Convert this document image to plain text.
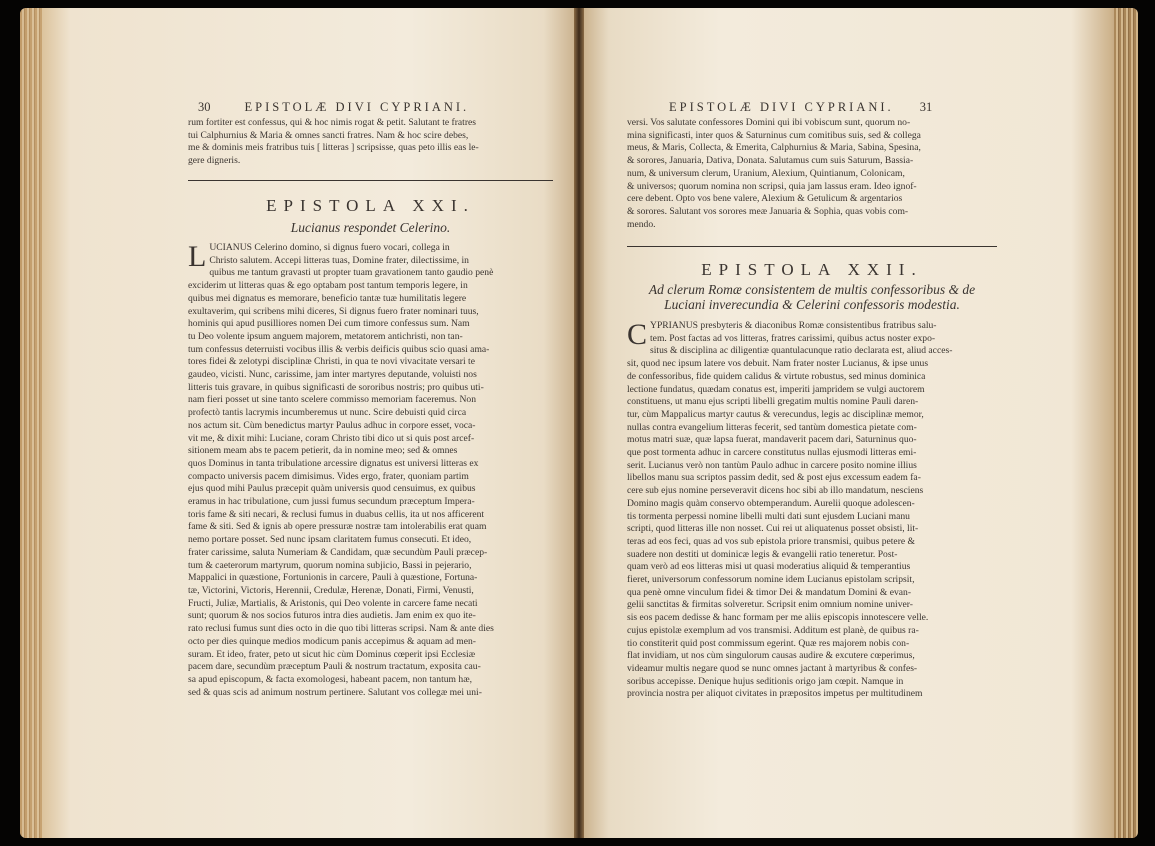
30	EPISTOLÆ DIVI CYPRIANI.
rum fortiter est confessus, qui & hoc nimis rogat & petit. Salutant te fratres
tui Calphurnius & Maria & omnes sancti fratres. Nam & hoc scire debes,
me & dominis meis fratribus tuis [ litteras ] scripsisse, quas peto illis eas le-
gere digneris.
EPISTOLA XXI.
Lucianus respondet Celerino.
LUCIANUS Celerino domino, si dignus fuero vocari, collega in
Christo salutem. Accepi litteras tuas, Domine frater, dilectissime, in
quibus me tantum gravasti ut propter tuam gravationem tanto gaudio penè
exciderim ut litteras quas & ego optabam post tantum temporis legere, in
quibus mei dignatus es memorare, beneficio tantæ tuæ humilitatis legere
exultaverim, qui scribens mihi diceres, Si dignus fuero frater nominari tuus,
hominis qui apud pusilliores nomen Dei cum timore confessus sum. Nam
tu Deo volente ipsum anguem majorem, metatorem antichristi, non tan-
tum confessus deterruisti vocibus illis & verbis deificis quibus scio quasi ama-
tores fidei & zelotypi disciplinæ Christi, in qua te novi vivacitate versari te
gaudeo, vicisti. Nunc, carissime, jam inter martyres deputande, voluisti nos
litteris tuis gravare, in quibus significasti de sororibus nostris; pro quibus uti-
nam fieri posset ut sine tanto scelere commisso memoriam faceremus. Non
profectò tantis lacrymis incumberemus ut nunc. Scire debuisti quid circa
nos actum sit. Cùm benedictus martyr Paulus adhuc in corpore esset, voca-
vit me, & dixit mihi: Luciane, coram Christo tibi dico ut si quis post arcef-
sitionem meam abs te pacem petierit, da in nomine meo; sed & omnes
quos Dominus in tanta tribulatione arcessire dignatus est universi litteras ex
compacto universis pacem dimisimus. Vides ergo, frater, quoniam partim
ejus quod mihi Paulus præcepit quàm universis quod censuimus, ex quibus
eramus in hac tribulatione, cum jussi fumus secundum præceptum Impera-
toris fame & siti necari, & reclusi fumus in duabus cellis, ita ut nos afficerent
fame & siti. Sed & ignis ab opere pressuræ nostræ tam intolerabilis erat quam
nemo portare posset. Sed nunc ipsam claritatem fumus consecuti. Et ideo,
frater carissime, saluta Numeriam & Candidam, quæ secundùm Pauli præcep-
tum & caeterorum martyrum, quorum nomina subjicio, Bassi in pejerario,
Mappalici in quæstione, Fortunionis in carcere, Pauli à quæstione, Fortuna-
tæ, Victorini, Victoris, Herennii, Credulæ, Herenæ, Donati, Firmi, Venusti,
Fructi, Juliæ, Martialis, & Aristonis, qui Deo volente in carcere fame necati
sunt; quorum & nos socios futuros intra dies audietis. Jam enim ex quo ite-
rato reclusi fumus sunt dies octo in die quo tibi litteras scripsi. Nam & ante dies
octo per dies quinque medios modicum panis accepimus & aquam ad men-
suram. Et ideo, frater, peto ut sicut hic cùm Dominus cœperit ipsi Ecclesiæ
pacem dare, secundùm præceptum Pauli & nostrum tractatum, exposita cau-
sa apud episcopum, & facta exomologesi, habeant pacem, non tantum hæ,
sed & quas scis ad animum nostrum pertinere. Salutant vos collegæ mei uni-
EPISTOLÆ DIVI CYPRIANI. 31
versi. Vos salutate confessores Domini qui ibi vobiscum sunt, quorum no-
mina significasti, inter quos & Saturninus cum comitibus suis, sed & collega
meus, & Maris, Collecta, & Emerita, Calphurnius & Maria, Sabina, Spesina,
& sorores, Januaria, Dativa, Donata. Salutamus cum suis Saturum, Bassia-
num, & universum clerum, Uranium, Alexium, Quintianum, Colonicam,
& universos; quorum nomina non scripsi, quia jam lassus eram. Ideo ignof-
cere debent. Opto vos bene valere, Alexium & Getulicum & argentarios
& sorores. Salutant vos sorores meæ Januaria & Sophia, quas vobis com-
mendo.
EPISTOLA XXII.
Ad clerum Romæ consistentem de multis confessoribus & de
Luciani inverecundia & Celerini confessoris modestia.
CYPRIANUS presbyteris & diaconibus Romæ consistentibus fratribus salu-
tem. Post factas ad vos litteras, fratres carissimi, quibus actus noster expo-
situs & disciplina ac diligentiæ quantulacunque ratio declarata est, aliud acces-
sit, quod nec ipsum latere vos debuit. Nam frater noster Lucianus, & ipse unus
de confessoribus, fide quidem calidus & virtute robustus, sed minus dominica
lectione fundatus, quædam conatus est, imperiti jampridem se vulgi auctorem
constituens, ut manu ejus scripti libelli gregatim multis nomine Pauli daren-
tur, cùm Mappalicus martyr cautus & verecundus, legis ac disciplinæ memor,
nullas contra evangelium litteras fecerit, sed tantùm domestica pietate com-
motus matri suæ, quæ lapsa fuerat, mandaverit pacem dari, Saturninus quo-
que post tormenta adhuc in carcere constitutus nullas ejusmodi litteras emi-
serit. Lucianus verò non tantùm Paulo adhuc in carcere posito nomine illius
libellos manu sua scriptos passim dedit, sed & post ejus excessum eadem fa-
cere sub ejus nomine perseveravit dicens hoc sibi ab illo mandatum, nesciens
Domino magis quàm conservo obtemperandum. Aurelii quoque adolescen-
tis tormenta perpessi nomine libelli multi dati sunt ejusdem Luciani manu
scripti, quod litteras ille non nosset. Cui rei ut aliquatenus posset obsisti, lit-
teras ad eos feci, quas ad vos sub epistola priore transmisi, quibus petere &
suadere non destiti ut dominicæ legis & evangelii ratio teneretur. Post-
quam verò ad eos litteras misi ut quasi moderatius aliquid & temperantius
fieret, universorum confessorum nomine idem Lucianus epistolam scripsit,
qua penè omne vinculum fidei & timor Dei & mandatum Domini & evan-
gelii sanctitas & firmitas solveretur. Scripsit enim omnium nomine univer-
sis eos pacem dedisse & hanc formam per me aliis episcopis innotescere velle.
cujus epistolæ exemplum ad vos transmisi. Additum est planè, de quibus ra-
tio constiterit quid post commissum egerint. Quæ res majorem nobis con-
flat invidiam, ut nos cùm singulorum causas audire & excutere cœperimus,
videamur multis negare quod se nunc omnes jactant à martyribus & confes-
soribus accepisse. Denique hujus seditionis origo jam cœpit. Namque in
provincia nostra per aliquot civitates in præpositos impetus per multitudinem
